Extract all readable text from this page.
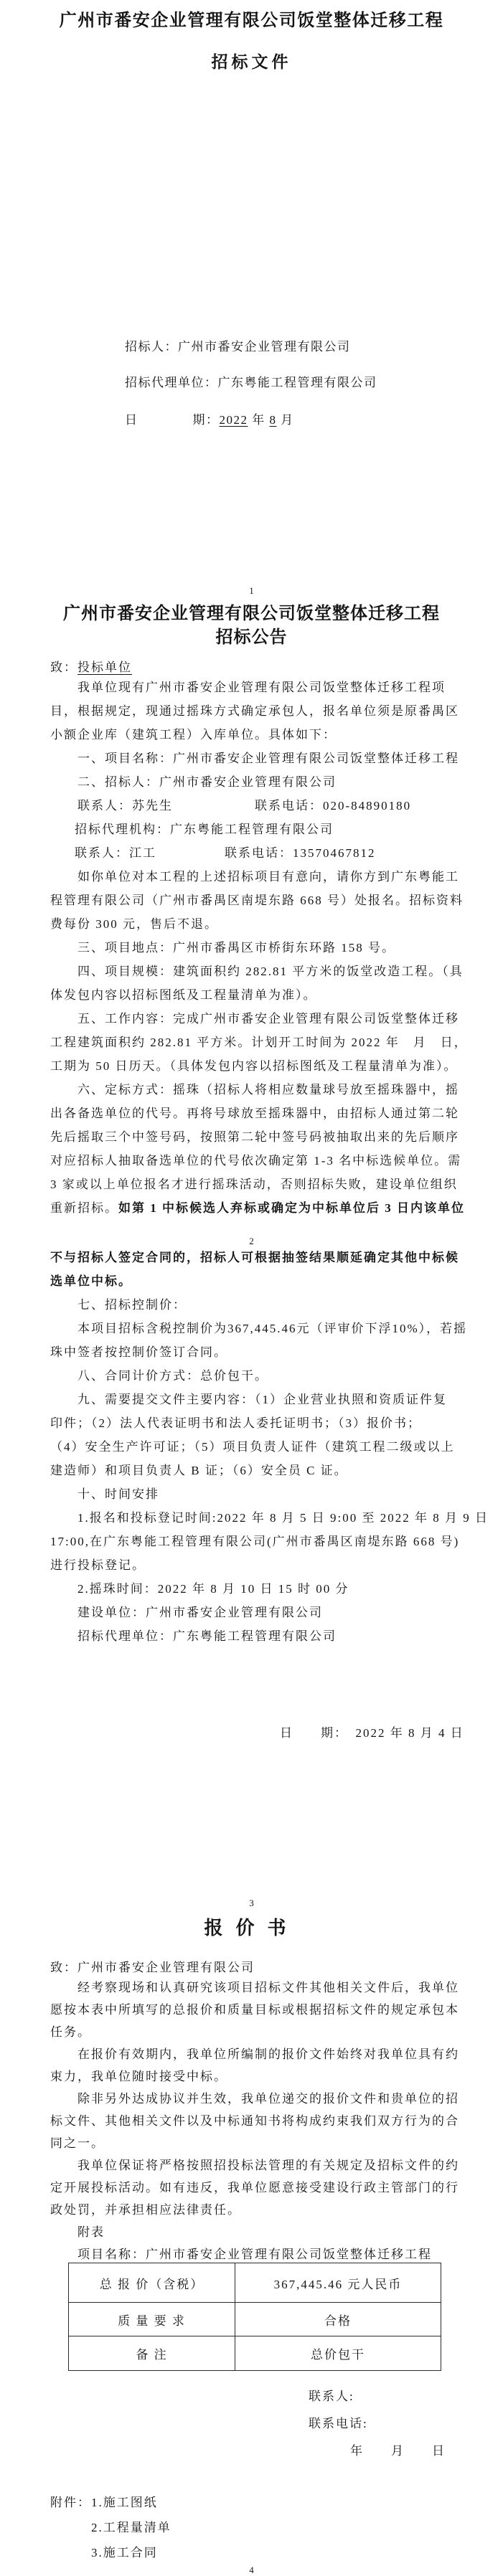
广州市番安企业管理有限公司饭堂整体迁移工程
招标文件
招标人：广州市番安企业管理有限公司
招标代理单位：广东粤能工程管理有限公司
日	期：2022 年 8 月
1
广州市番安企业管理有限公司饭堂整体迁移工程
招标公告
致：投标单位
我单位现有广州市番安企业管理有限公司饭堂整体迁移工程项
目，根据规定，现通过摇珠方式确定承包人，报名单位须是原番禺区
小额企业库（建筑工程）入库单位。具体如下：
一、项目名称：广州市番安企业管理有限公司饭堂整体迁移工程
二、招标人：广州市番安企业管理有限公司
联系人：苏先生　　　　　　联系电话：020-84890180
招标代理机构：广东粤能工程管理有限公司
联系人：江工　　　　　联系电话：13570467812
如你单位对本工程的上述招标项目有意向，请你方到广东粤能工
程管理有限公司（广州市番禺区南堤东路 668 号）处报名。招标资料
费每份 300 元，售后不退。
三、项目地点：广州市番禺区市桥街东环路 158 号。
四、项目规模：建筑面积约 282.81 平方米的饭堂改造工程。（具
体发包内容以招标图纸及工程量清单为准）。
五、工作内容：完成广州市番安企业管理有限公司饭堂整体迁移
工程建筑面积约 282.81 平方米。计划开工时间为 2022 年　月　日，
工期为 50 日历天。（具体发包内容以招标图纸及工程量清单为准）。
六、定标方式：摇珠（招标人将相应数量球号放至摇珠器中，摇
出各备选单位的代号。再将号球放至摇珠器中，由招标人通过第二轮
先后摇取三个中签号码，按照第二轮中签号码被抽取出来的先后顺序
对应招标人抽取备选单位的代号依次确定第 1-3 名中标选候单位。需
3 家或以上单位报名才进行摇珠活动，否则招标失败，建设单位组织
重新招标。如第 1 中标候选人弃标或确定为中标单位后 3 日内该单位
2
不与招标人签定合同的，招标人可根据抽签结果顺延确定其他中标候
选单位中标。
七、招标控制价：
本项目招标含税控制价为367,445.46元（评审价下浮10%），若摇
珠中签者按控制价签订合同。
八、合同计价方式：总价包干。
九、需要提交文件主要内容：（1）企业营业执照和资质证件复
印件；（2）法人代表证明书和法人委托证明书；（3）报价书；
（4）安全生产许可证；（5）项目负责人证件（建筑工程二级或以上
建造师）和项目负责人 B 证；（6）安全员 C 证。
十、时间安排
1.报名和投标登记时间:2022 年 8 月 5 日 9:00 至 2022 年 8 月 9 日
17:00,在广东粤能工程管理有限公司(广州市番禺区南堤东路 668 号)
进行投标登记。
2.摇珠时间：2022 年 8 月 10 日 15 时 00 分
建设单位：广州市番安企业管理有限公司
招标代理单位：广东粤能工程管理有限公司
日　　期：　2022 年 8 月 4 日
3
报价书
致：广州市番安企业管理有限公司
经考察现场和认真研究该项目招标文件其他相关文件后，我单位
愿按本表中所填写的总报价和质量目标或根据招标文件的规定承包本
任务。
在报价有效期内，我单位所编制的报价文件始终对我单位具有约
束力，我单位随时接受中标。
除非另外达成协议并生效，我单位递交的报价文件和贵单位的招
标文件、其他相关文件以及中标通知书将构成约束我们双方行为的合
同之一。
我单位保证将严格按照招投标法管理的有关规定及招标文件的约
定开展投标活动。如有违反，我单位愿意接受建设行政主管部门的行
政处罚，并承担相应法律责任。
附表
项目名称：广州市番安企业管理有限公司饭堂整体迁移工程
总 报 价（含税）	367,445.46 元人民币
质 量 要 求	合格
备 注	总价包干
联系人:
联系电话:
年　　月　　日
附件：1.施工图纸
2.工程量清单
3.施工合同
4
